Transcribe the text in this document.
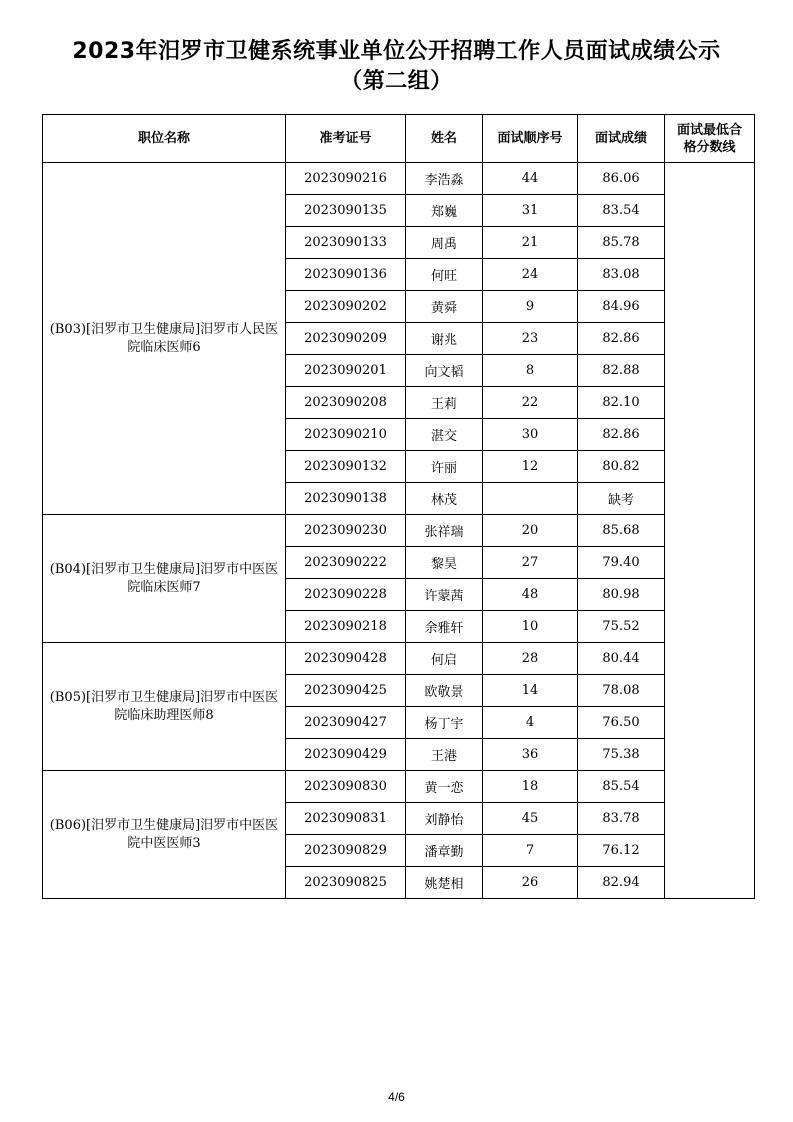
2023年汨罗市卫健系统事业单位公开招聘工作人员面试成绩公示
（第二组）
职位名称	准考证号	姓名	面试顺序号	面试成绩	面试最低合
格分数线
(B03)[汨罗市卫生健康局]汨罗市人民医
院临床医师6	2023090216	李浩淼	44	86.06	
	2023090135	郑巍	31	83.54	
	2023090133	周禹	21	85.78	
	2023090136	何旺	24	83.08	
	2023090202	黄舜	9	84.96	
	2023090209	谢兆	23	82.86	
	2023090201	向文韬	8	82.88	
	2023090208	王莉	22	82.10	
	2023090210	湛交	30	82.86	
	2023090132	许丽	12	80.82	
	2023090138	林茂		缺考	
(B04)[汨罗市卫生健康局]汨罗市中医医
院临床医师7	2023090230	张祥瑞	20	85.68	
	2023090222	黎昊	27	79.40	
	2023090228	许蒙茜	48	80.98	
	2023090218	余雅轩	10	75.52	
(B05)[汨罗市卫生健康局]汨罗市中医医
院临床助理医师8	2023090428	何启	28	80.44	
	2023090425	欧敬景	14	78.08	
	2023090427	杨丁宇	4	76.50	
	2023090429	王港	36	75.38	
(B06)[汨罗市卫生健康局]汨罗市中医医
院中医医师3	2023090830	黄一恋	18	85.54	
	2023090831	刘静怡	45	83.78	
	2023090829	潘章勤	7	76.12	
	2023090825	姚楚相	26	82.94	
4/6
